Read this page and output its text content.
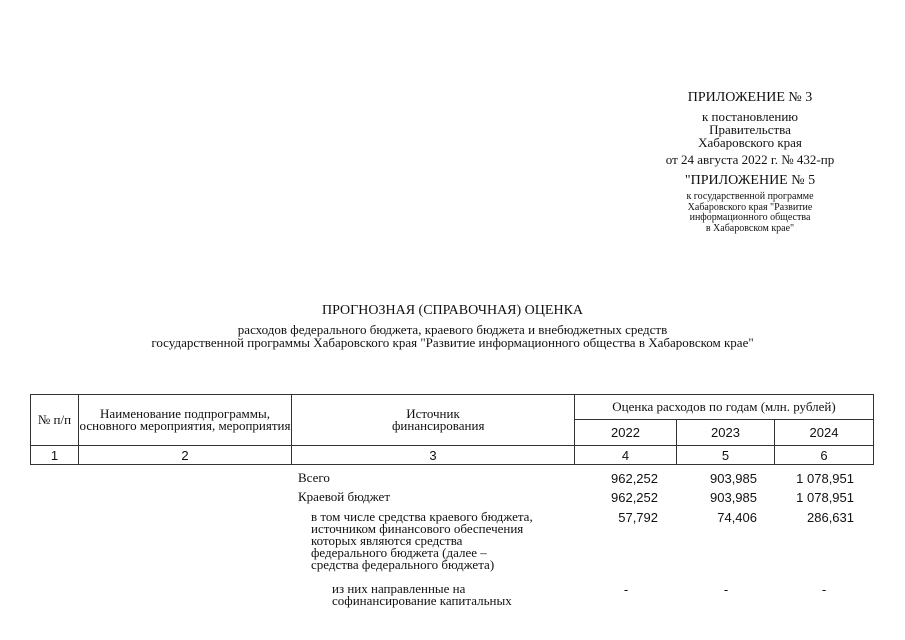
ПРИЛОЖЕНИЕ № 3
к постановлению
Правительства
Хабаровского края
от 24 августа 2022 г. № 432-пр
"ПРИЛОЖЕНИЕ № 5
к государственной программе
Хабаровского края "Развитие
информационного общества
в Хабаровском крае"
ПРОГНОЗНАЯ (СПРАВОЧНАЯ) ОЦЕНКА
расходов федерального бюджета, краевого бюджета и внебюджетных средств
государственной программы Хабаровского края "Развитие информационного общества в Хабаровском крае"
№ п/п	Наименование подпрограммы, основного мероприятия, мероприятия	Источник финансирования	Оценка расходов по годам (млн. рублей)		
			2022	2023	2024
1	2	3	4	5	6
Всего	962,252	903,985	1 078,951
Краевой бюджет	962,252	903,985	1 078,951
в том числе средства краевого бюджета,
источником финансового обеспечения
которых являются средства
федерального бюджета (далее –
средства федерального бюджета)
57,792	74,406	286,631
из них направленные на
софинансирование капитальных
-	-	-
